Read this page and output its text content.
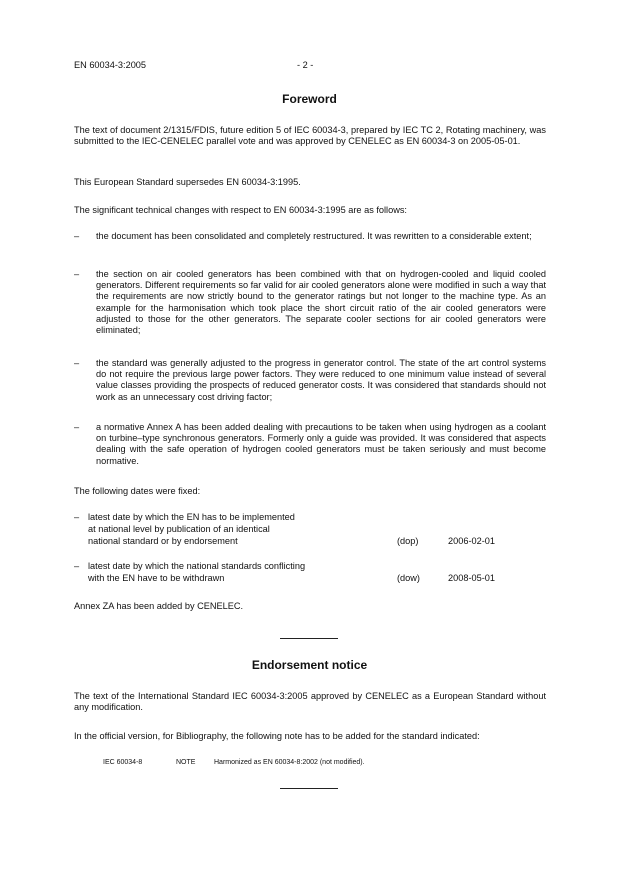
EN 60034-3:2005	- 2 -
Foreword
The text of document 2/1315/FDIS, future edition 5 of IEC 60034-3, prepared by IEC TC 2, Rotating machinery, was submitted to the IEC-CENELEC parallel vote and was approved by CENELEC as EN 60034-3 on 2005-05-01.
This European Standard supersedes EN 60034-3:1995.
The significant technical changes with respect to EN 60034-3:1995 are as follows:
– the document has been consolidated and completely restructured. It was rewritten to a considerable extent;
– the section on air cooled generators has been combined with that on hydrogen-cooled and liquid cooled generators. Different requirements so far valid for air cooled generators alone were modified in such a way that the requirements are now strictly bound to the generator ratings but not longer to the machine type. As an example for the harmonisation which took place the short circuit ratio of the air cooled generators were adjusted to those for the other generators. The separate cooler sections for air cooled generators were eliminated;
– the standard was generally adjusted to the progress in generator control. The state of the art control systems do not require the previous large power factors. They were reduced to one minimum value instead of several value classes providing the prospects of reduced generator costs. It was considered that standards should not work as an unnecessary cost driving factor;
– a normative Annex A has been added dealing with precautions to be taken when using hydrogen as a coolant on turbine–type synchronous generators. Formerly only a guide was provided. It was considered that aspects dealing with the safe operation of hydrogen cooled generators must be taken seriously and must become normative.
The following dates were fixed:
– latest date by which the EN has to be implemented
at national level by publication of an identical
national standard or by endorsement	(dop)	2006-02-01
– latest date by which the national standards conflicting
with the EN have to be withdrawn	(dow)	2008-05-01
Annex ZA has been added by CENELEC.
Endorsement notice
The text of the International Standard IEC 60034-3:2005 approved by CENELEC as a European Standard without any modification.
In the official version, for Bibliography, the following note has to be added for the standard indicated:
IEC 60034-8	NOTE	Harmonized as EN 60034-8:2002 (not modified).
